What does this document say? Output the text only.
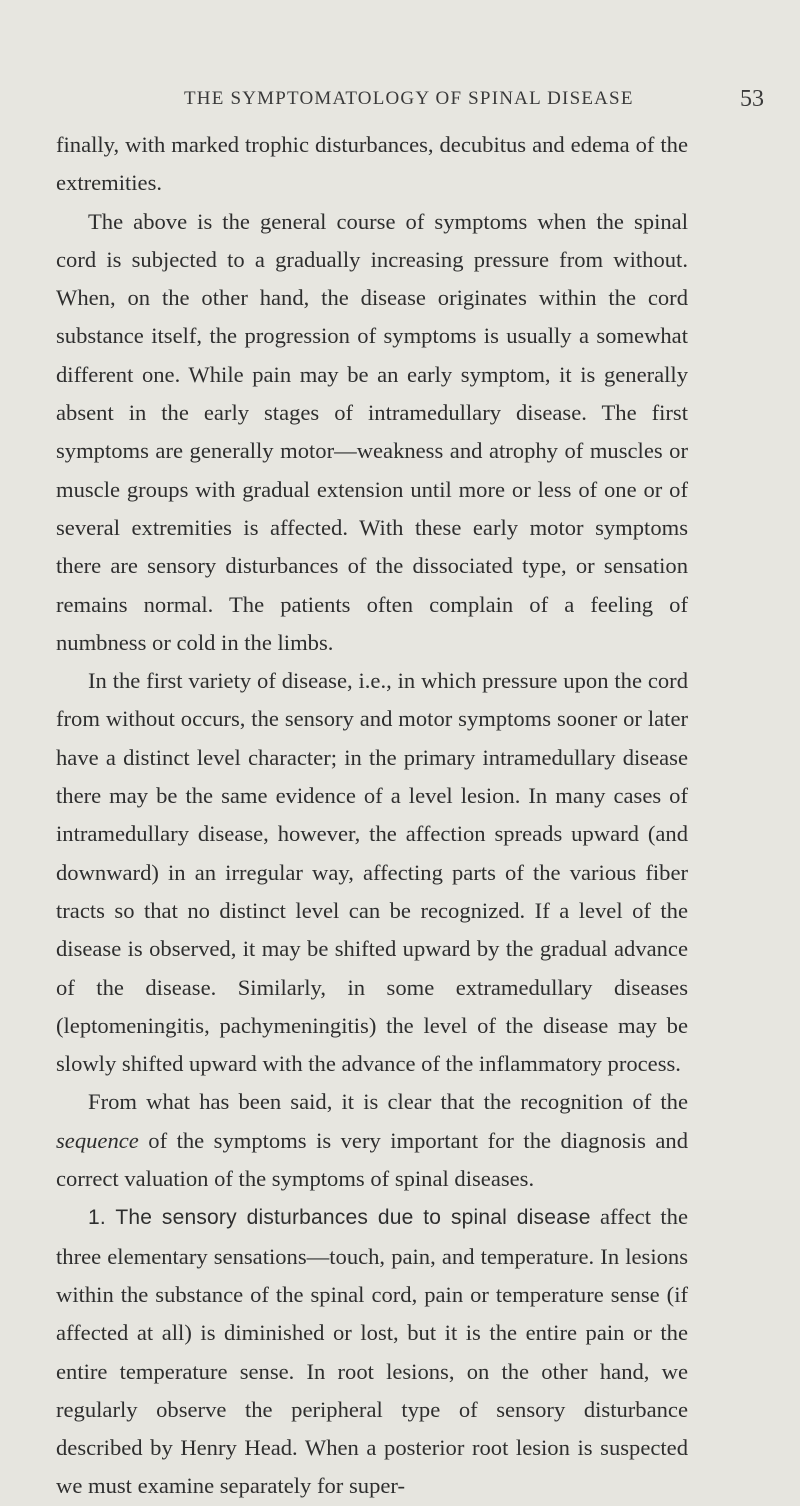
THE SYMPTOMATOLOGY OF SPINAL DISEASE	53

finally, with marked trophic disturbances, decubitus and edema of the extremities.

The above is the general course of symptoms when the spinal cord is subjected to a gradually increasing pressure from without. When, on the other hand, the disease originates within the cord substance itself, the progression of symptoms is usually a somewhat different one. While pain may be an early symptom, it is generally absent in the early stages of intramedullary disease. The first symptoms are generally motor—weakness and atrophy of muscles or muscle groups with gradual extension until more or less of one or of several extremities is affected. With these early motor symptoms there are sensory disturbances of the dissociated type, or sensation remains normal. The patients often complain of a feeling of numbness or cold in the limbs.

In the first variety of disease, i.e., in which pressure upon the cord from without occurs, the sensory and motor symptoms sooner or later have a distinct level character; in the primary intramedullary disease there may be the same evidence of a level lesion. In many cases of intramedullary disease, however, the affection spreads upward (and downward) in an irregular way, affecting parts of the various fiber tracts so that no distinct level can be recognized. If a level of the disease is observed, it may be shifted upward by the gradual advance of the disease. Similarly, in some extramedullary diseases (leptomeningitis, pachymeningitis) the level of the disease may be slowly shifted upward with the advance of the inflammatory process.

From what has been said, it is clear that the recognition of the sequence of the symptoms is very important for the diagnosis and correct valuation of the symptoms of spinal diseases.

1. The sensory disturbances due to spinal disease affect the three elementary sensations—touch, pain, and temperature. In lesions within the substance of the spinal cord, pain or temperature sense (if affected at all) is diminished or lost, but it is the entire pain or the entire temperature sense. In root lesions, on the other hand, we regularly observe the peripheral type of sensory disturbance described by Henry Head. When a posterior root lesion is suspected we must examine separately for super-
